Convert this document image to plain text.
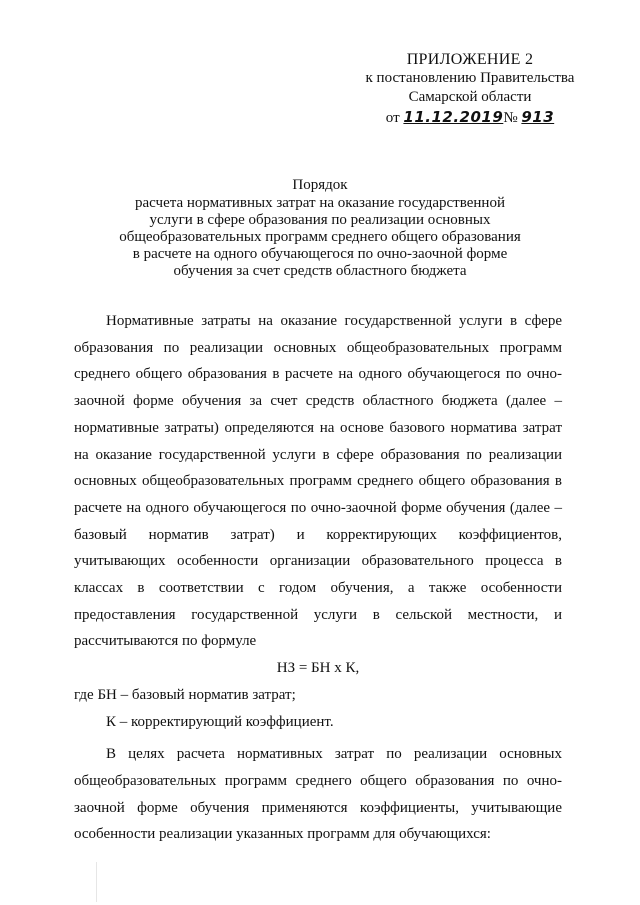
ПРИЛОЖЕНИЕ 2
к постановлению Правительства
Самарской области
от 11.12.2019№ 913
Порядок
расчета нормативных затрат на оказание государственной
услуги в сфере образования по реализации основных
общеобразовательных программ среднего общего образования
в расчете на одного обучающегося по очно-заочной форме
обучения за счет средств областного бюджета

Нормативные затраты на оказание государственной услуги в сфере образования по реализации основных общеобразовательных программ среднего общего образования в расчете на одного обучающегося по очно-заочной форме обучения за счет средств областного бюджета (далее – нормативные затраты) определяются на основе базового норматива затрат на оказание государственной услуги в сфере образования по реализации основных общеобразовательных программ среднего общего образования в расчете на одного обучающегося по очно-заочной форме обучения (далее – базовый норматив затрат) и корректирующих коэффициентов, учитывающих особенности организации образовательного процесса в классах в соответствии с годом обучения, а также особенности предоставления государственной услуги в сельской местности, и рассчитываются по формуле

НЗ = БН х К,
где БН – базовый норматив затрат;
К – корректирующий коэффициент.

В целях расчета нормативных затрат по реализации основных общеобразовательных программ среднего общего образования по очно-заочной форме обучения применяются коэффициенты, учитывающие особенности реализации указанных программ для обучающихся:
